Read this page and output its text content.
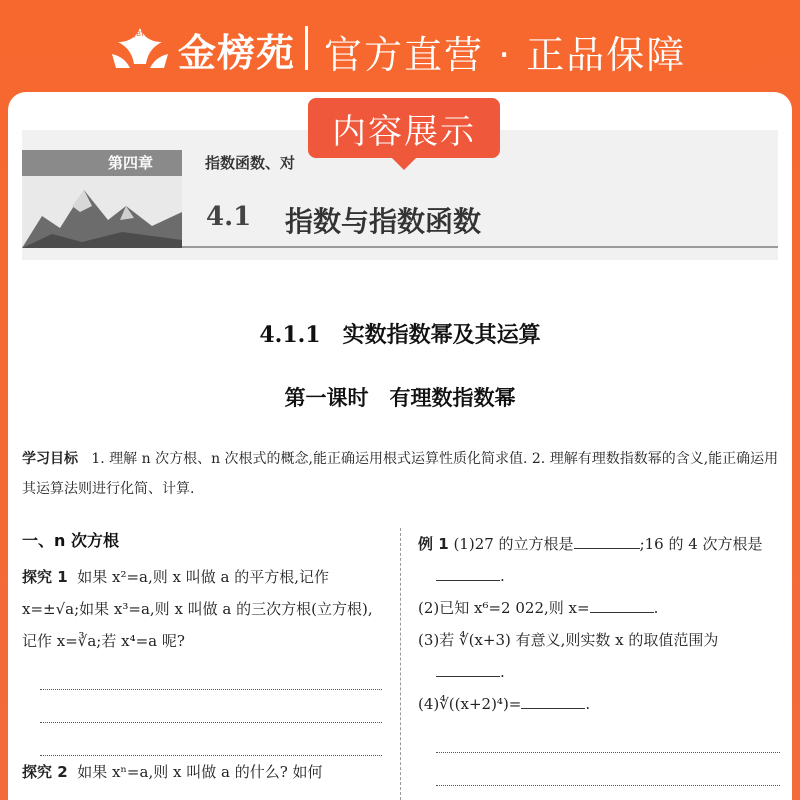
JBY 金榜苑 官方直营 · 正品保障
第四章	指数函数、对
4.1 指数与指数函数
内容展示
4.1.1　实数指数幂及其运算
第一课时　有理数指数幂
学习目标 1. 理解 n 次方根、n 次根式的概念,能正确运用根式运算性质化简求值. 2. 理解有理数指数幂的含义,能正确运用其运算法则进行化简、计算.
一、n 次方根
探究 1 如果 x²=a,则 x 叫做 a 的平方根,记作 x=±√a;如果 x³=a,则 x 叫做 a 的三次方根(立方根),记作 x=∛a;若 x⁴=a 呢?
探究 2 如果 xⁿ=a,则 x 叫做 a 的什么? 如何
例 1 (1)27 的立方根是	;16 的 4 次方根是
.
(2)已知 x⁶=2 022,则 x=	.
(3)若 ∜(x+3) 有意义,则实数 x 的取值范围为
.
(4)∜((x+2)⁴)=	.
